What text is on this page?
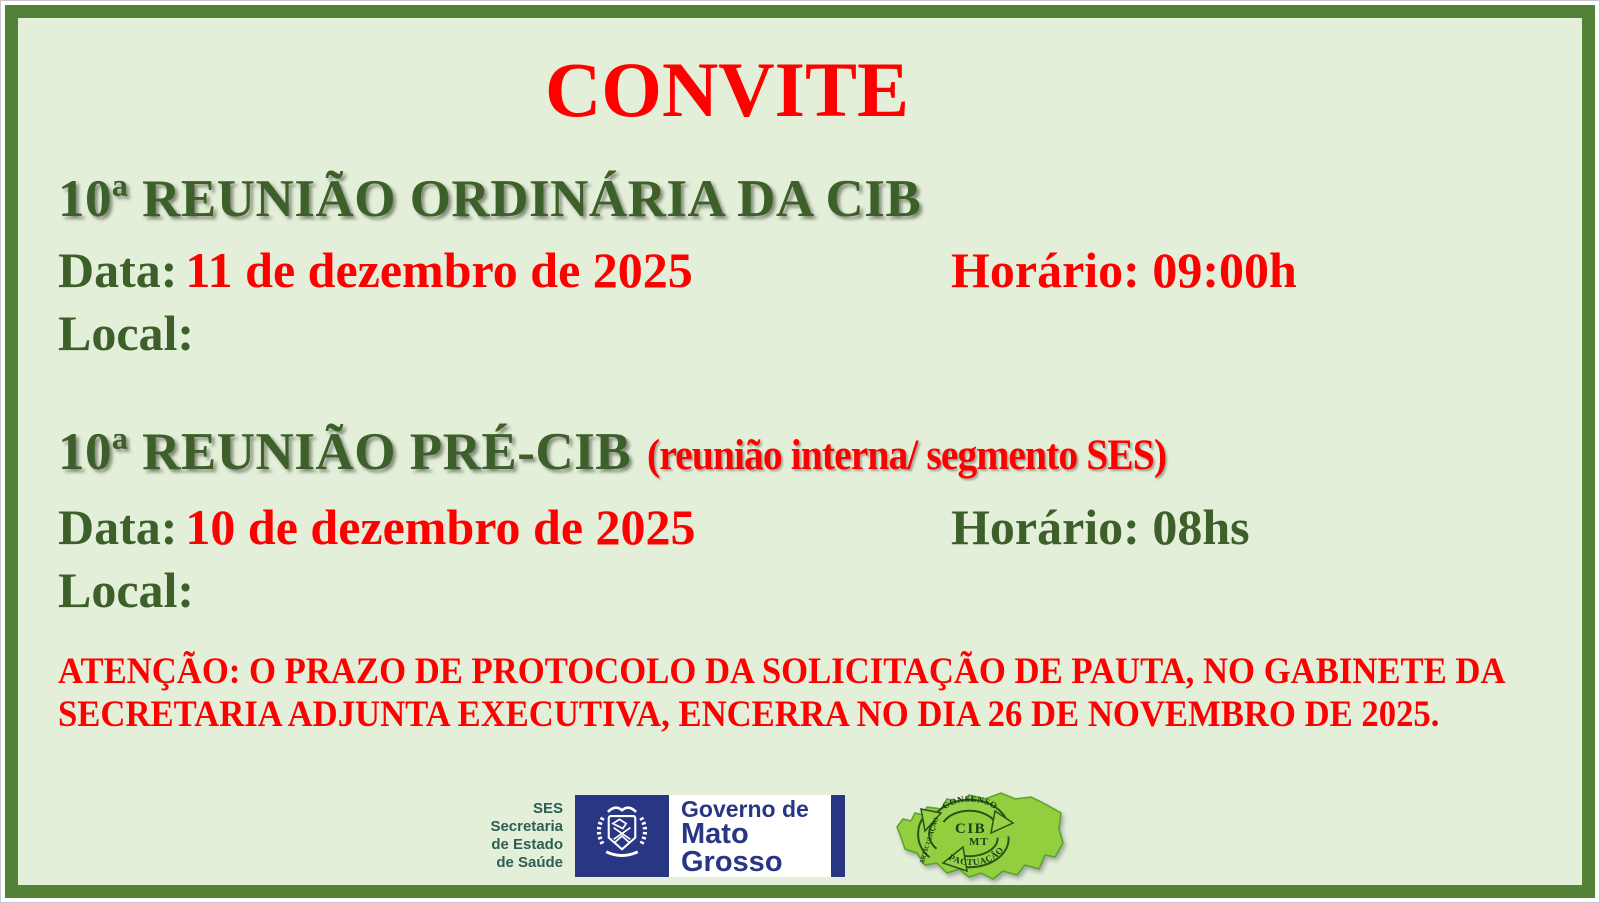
CONVITE
10ª REUNIÃO ORDINÁRIA DA CIB
Data: 11 de dezembro de 2025	Horário: 09:00h
Local:
10ª REUNIÃO PRÉ-CIB (reunião interna/ segmento SES)
Data: 10 de dezembro de 2025	Horário: 08hs
Local:
ATENÇÃO: O PRAZO DE PROTOCOLO DA SOLICITAÇÃO DE PAUTA, NO GABINETE DA
SECRETARIA ADJUNTA EXECUTIVA, ENCERRA NO DIA 26 DE NOVEMBRO DE 2025.
SES
Secretaria
de Estado
de Saúde
Governo de
Mato
Grosso
CONSENSO
PACTUAÇÃO
ARTICULAÇÃO CIB
MT
